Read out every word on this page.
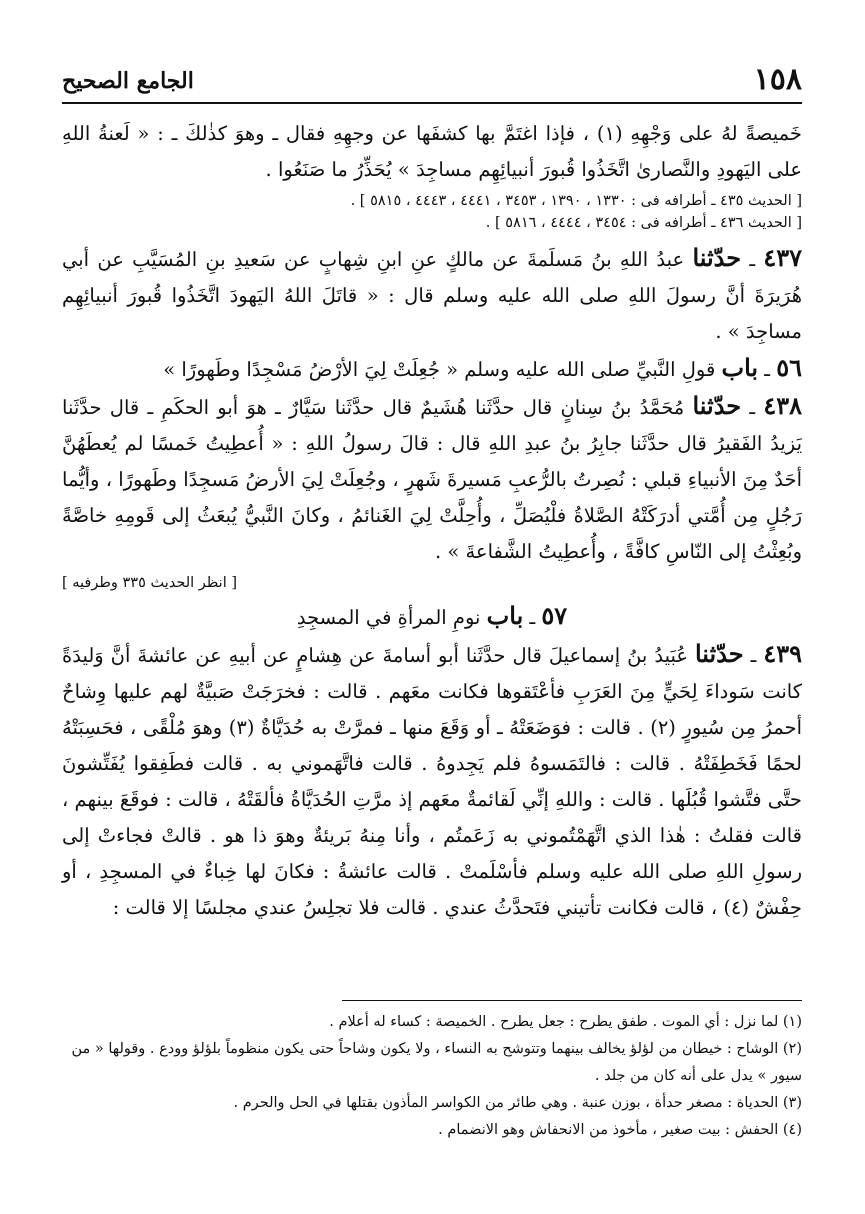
١٥٨
الجامع الصحيح

خَميصةً لهُ على وَجْهِهِ (١) ، فإذا اغتَمَّ بها كشفَها عن وجهِهِ فقال ـ وهوَ كذٰلكَ ـ : « لَعنةُ اللهِ على اليَهودِ والنَّصارىٰ اتَّخَذُوا قُبورَ أنبيائِهِم مساجِدَ » يُحَذِّرُ ما صَنَعُوا .

[ الحديث ٤٣٥ ـ أطرافه فى : ١٣٣٠ ، ١٣٩٠ ، ٣٤٥٣ ، ٤٤٤١ ، ٤٤٤٣ ، ٥٨١٥ ] .

[ الحديث ٤٣٦ ـ أطرافه فى : ٣٤٥٤ ، ٤٤٤٤ ، ٥٨١٦ ] .

٤٣٧ ـ حدّثنا عبدُ اللهِ بنُ مَسلَمةَ عن مالكٍ عنِ ابنِ شِهابٍ عن سَعيدِ بنِ المُسَيَّبِ عن أبي هُرَيرَةَ أنَّ رسولَ اللهِ صلى الله عليه وسلم قال : « قاتَلَ اللهُ اليَهودَ اتَّخَذُوا قُبورَ أنبيائِهِم مساجِدَ » .

٥٦ ـ باب قولِ النَّبيِّ صلى الله عليه وسلم « جُعِلَتْ لِيَ الأرْضُ مَسْجِدًا وطَهورًا »

٤٣٨ ـ حدّثنا مُحَمَّدُ بنُ سِنانٍ قال حدَّثَنا هُشَيمٌ قال حدَّثَنا سَيَّارٌ ـ هوَ أبو الحكَمِ ـ قال حدَّثَنا يَزيدُ الفَقيرُ قال حدَّثَنا جابِرُ بنُ عبدِ اللهِ قال : قالَ رسولُ اللهِ : « أُعطِيتُ خَمسًا لم يُعطَهُنَّ أحَدٌ مِنَ الأنبياءِ قبلي : نُصِرتُ بالرُّعبِ مَسيرةَ شَهرٍ ، وجُعِلَتْ لِيَ الأرضُ مَسجِدًا وطَهورًا ، وأيُّما رَجُلٍ مِن أُمَّتي أدرَكَتْهُ الصَّلاةُ فلْيُصَلِّ ، وأُحِلَّتْ لِيَ الغَنائمُ ، وكانَ النَّبيُّ يُبعَثُ إلى قَومِهِ خاصَّةً وبُعِثْتُ إلى النّاسِ كافَّةً ، وأُعطِيتُ الشَّفاعةَ » .

[ انظر الحديث ٣٣٥ وطرفيه ]

٥٧ ـ باب نومِ المرأةِ في المسجِدِ

٤٣٩ ـ حدّثنا عُبَيدُ بنُ إسماعيلَ قال حدَّثَنا أبو أسامةَ عن هِشامٍ عن أبيهِ عن عائشةَ أنَّ وَليدَةً كانت سَوداءَ لِحَيٍّ مِنَ العَرَبِ فأعْتَقوها فكانت معَهم . قالت : فخرَجَتْ صَبيَّةٌ لهم عليها وِشاحٌ أحمرُ مِن سُيورٍ (٢) . قالت : فوَضَعَتْهُ ـ أو وَقَعَ منها ـ فمرَّتْ به حُدَيَّاةٌ (٣) وهوَ مُلْقًى ، فحَسِبَتْهُ لحمًا فَخَطِفَتْهُ . قالت : فالتَمَسوهُ فلم يَجِدوهُ . قالت فاتَّهَموني به . قالت فطَفِقوا يُفَتِّشونَ حتَّى فتَّشوا قُبُلَها . قالت : واللهِ إنِّي لَقائمةٌ معَهم إذ مرَّتِ الحُدَيَّاةُ فألقَتْهُ ، قالت : فوقَعَ بينهم ، قالت فقلتُ : هٰذا الذي اتَّهَمْتُموني به زَعَمتُم ، وأنا مِنهُ بَريئةٌ وهوَ ذا هو . قالتْ فجاءتْ إلى رسولِ اللهِ صلى الله عليه وسلم فأسْلَمتْ . قالت عائشةُ : فكانَ لها خِباءٌ في المسجِدِ ، أو حِفْشٌ (٤) ، قالت فكانت تأتيني فتَحدَّثُ عندي . قالت فلا تجلِسُ عندي مجلسًا إلا قالت :

(١) لما نزل : أي الموت . طفق يطرح : جعل يطرح . الخميصة : كساء له أعلام .

(٢) الوشاح : خيطان من لؤلؤ يخالف بينهما وتتوشح به النساء ، ولا يكون وشاحاً حتى يكون منظوماً بلؤلؤ وودع . وقولها « من سيور » يدل على أنه كان من جلد .

(٣) الحدياة : مصغر حدأة ، بوزن عنبة . وهي طائر من الكواسر المأذون بقتلها في الحل والحرم .

(٤) الحفش : بيت صغير ، مأخوذ من الانحفاش وهو الانضمام .
